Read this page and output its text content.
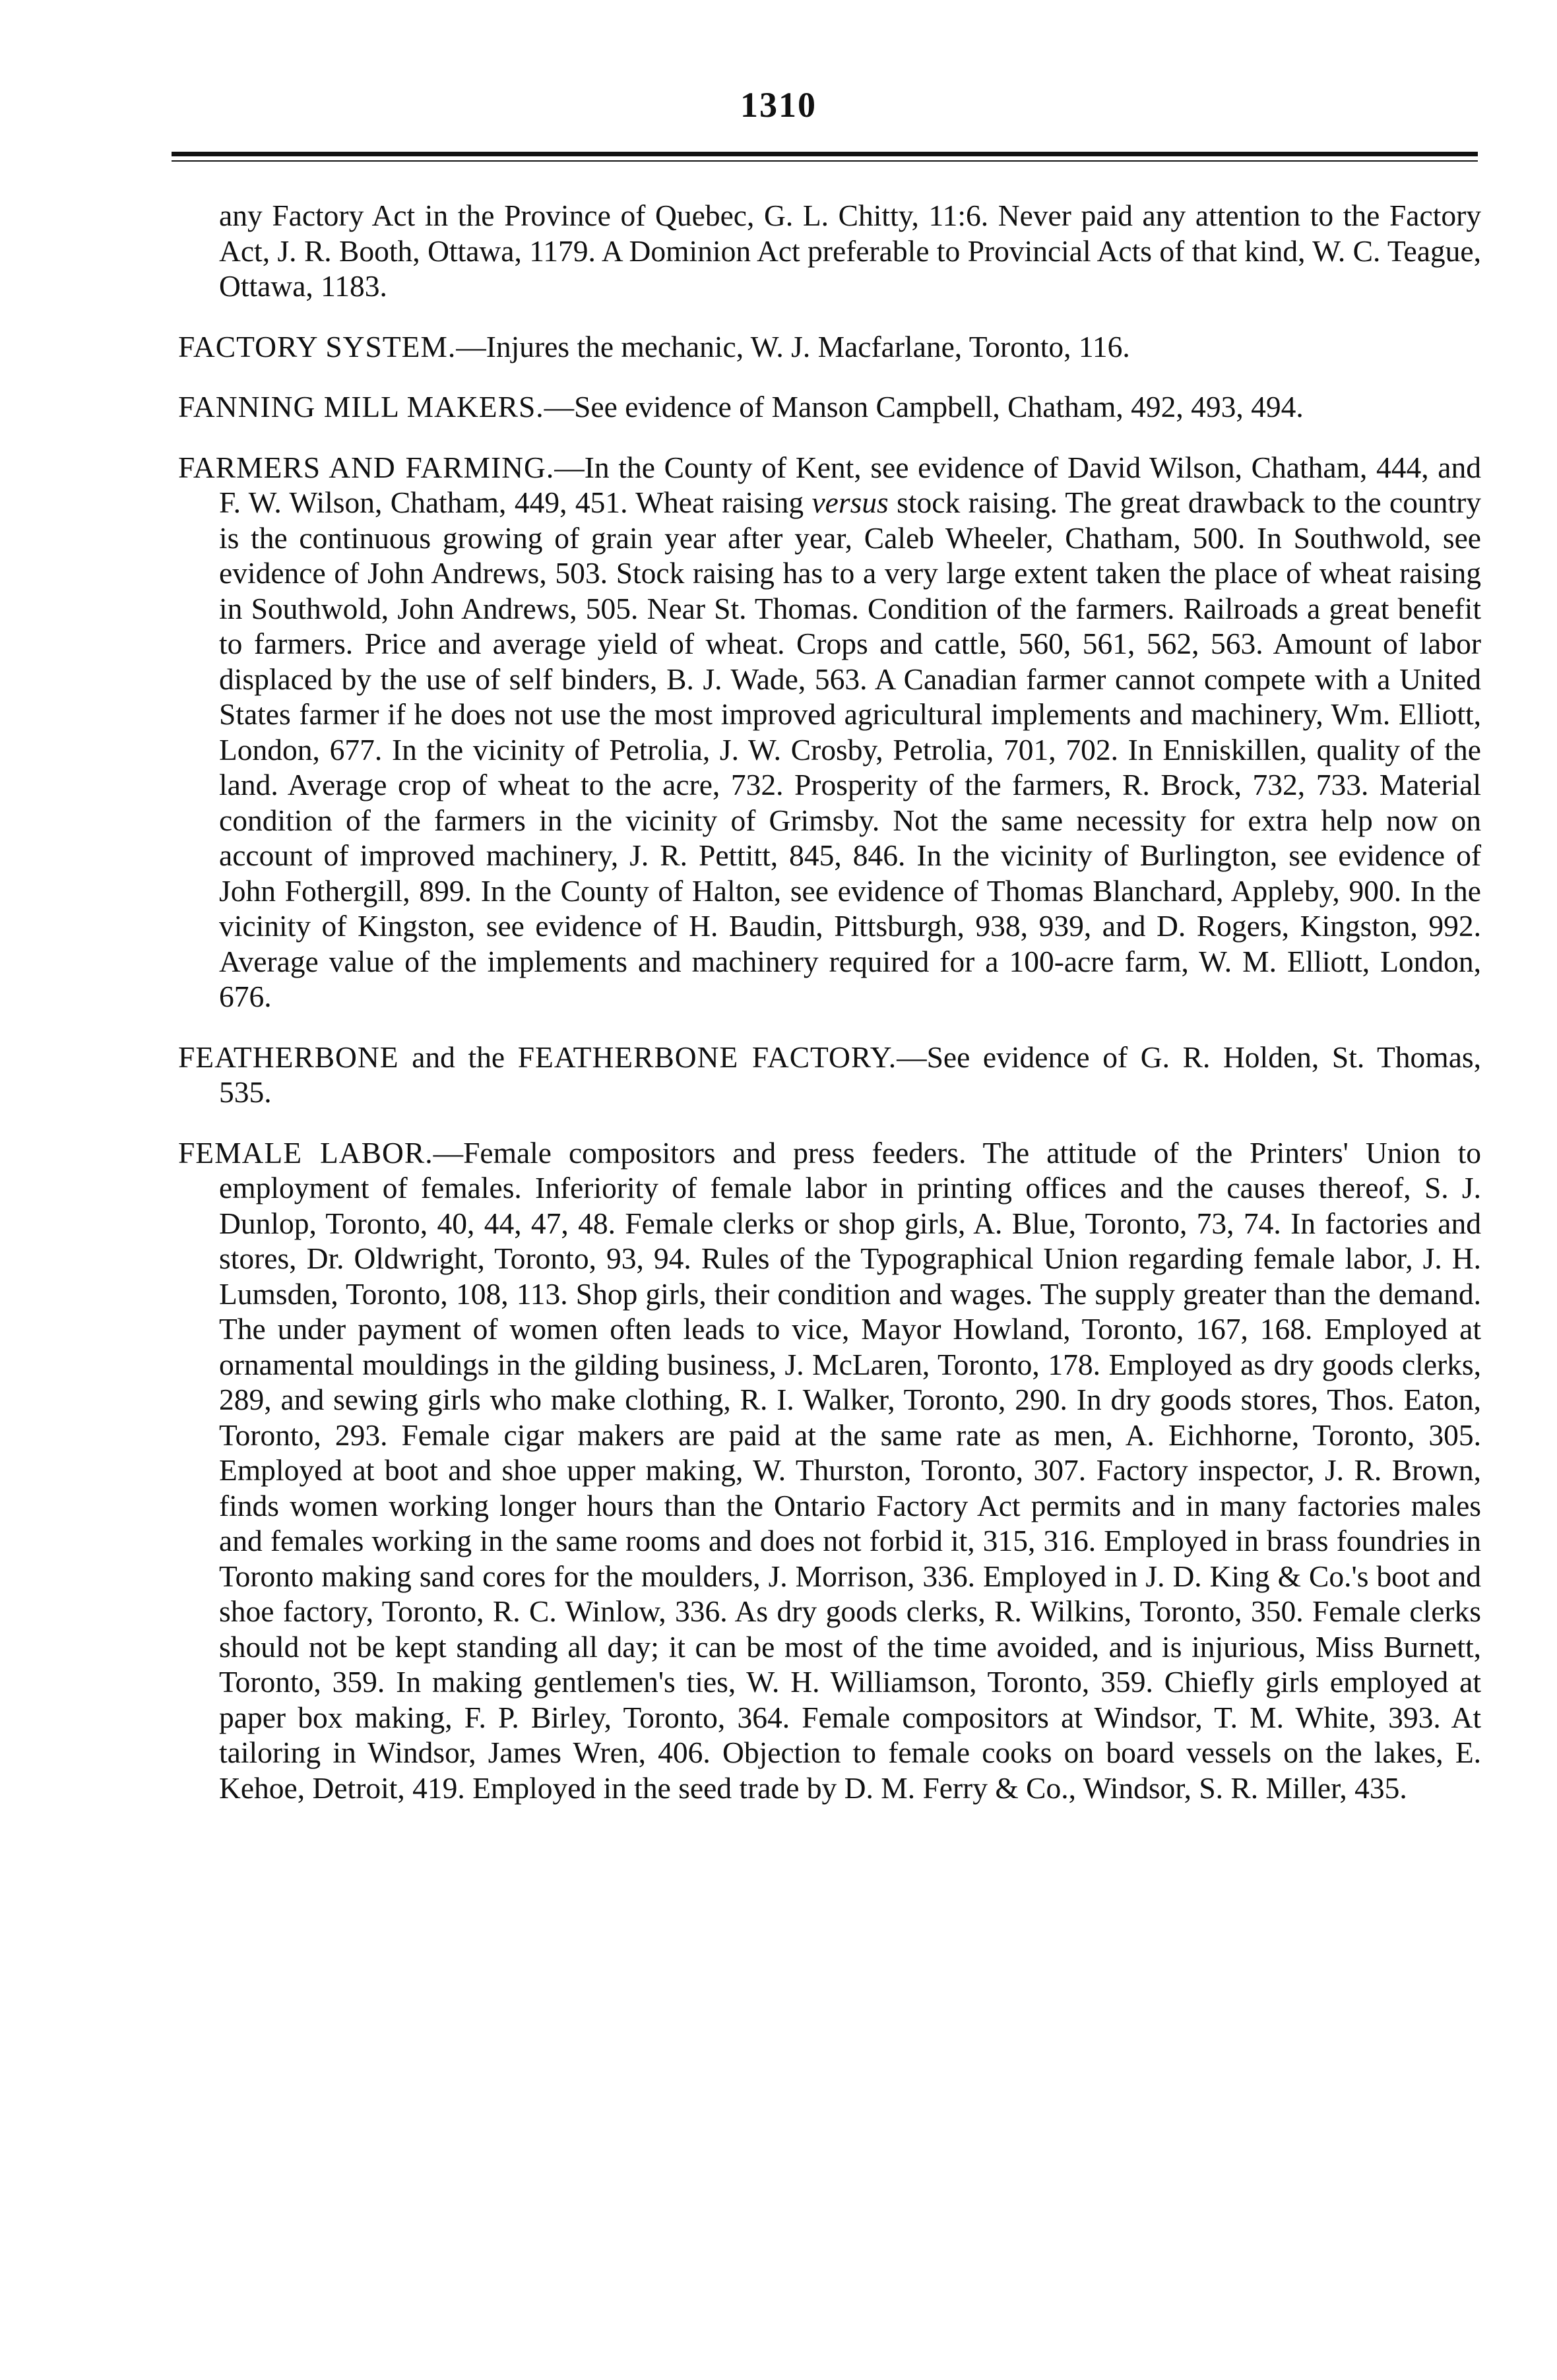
1310

any Factory Act in the Province of Quebec, G. L. Chitty, 11:6. Never paid any attention to the Factory Act, J. R. Booth, Ottawa, 1179. A Dominion Act preferable to Provincial Acts of that kind, W. C. Teague, Ottawa, 1183.

FACTORY SYSTEM.—Injures the mechanic, W. J. Macfarlane, Toronto, 116.

FANNING MILL MAKERS.—See evidence of Manson Campbell, Chatham, 492, 493, 494.

FARMERS AND FARMING.—In the County of Kent, see evidence of David Wilson, Chatham, 444, and F. W. Wilson, Chatham, 449, 451. Wheat raising versus stock raising. The great drawback to the country is the continuous growing of grain year after year, Caleb Wheeler, Chatham, 500. In Southwold, see evidence of John Andrews, 503. Stock raising has to a very large extent taken the place of wheat raising in Southwold, John Andrews, 505. Near St. Thomas. Condition of the farmers. Railroads a great benefit to farmers. Price and average yield of wheat. Crops and cattle, 560, 561, 562, 563. Amount of labor displaced by the use of self binders, B. J. Wade, 563. A Canadian farmer cannot compete with a United States farmer if he does not use the most improved agricultural implements and machinery, Wm. Elliott, London, 677. In the vicinity of Petrolia, J. W. Crosby, Petrolia, 701, 702. In Enniskillen, quality of the land. Average crop of wheat to the acre, 732. Prosperity of the farmers, R. Brock, 732, 733. Material condition of the farmers in the vicinity of Grimsby. Not the same necessity for extra help now on account of improved machinery, J. R. Pettitt, 845, 846. In the vicinity of Burlington, see evidence of John Fothergill, 899. In the County of Halton, see evidence of Thomas Blanchard, Appleby, 900. In the vicinity of Kingston, see evidence of H. Baudin, Pittsburgh, 938, 939, and D. Rogers, Kingston, 992. Average value of the implements and machinery required for a 100-acre farm, W. M. Elliott, London, 676.

FEATHERBONE and the FEATHERBONE FACTORY.—See evidence of G. R. Holden, St. Thomas, 535.

FEMALE LABOR.—Female compositors and press feeders. The attitude of the Printers' Union to employment of females. Inferiority of female labor in printing offices and the causes thereof, S. J. Dunlop, Toronto, 40, 44, 47, 48. Female clerks or shop girls, A. Blue, Toronto, 73, 74. In factories and stores, Dr. Oldwright, Toronto, 93, 94. Rules of the Typographical Union regarding female labor, J. H. Lumsden, Toronto, 108, 113. Shop girls, their condition and wages. The supply greater than the demand. The under payment of women often leads to vice, Mayor Howland, Toronto, 167, 168. Employed at ornamental mouldings in the gilding business, J. McLaren, Toronto, 178. Employed as dry goods clerks, 289, and sewing girls who make clothing, R. I. Walker, Toronto, 290. In dry goods stores, Thos. Eaton, Toronto, 293. Female cigar makers are paid at the same rate as men, A. Eichhorne, Toronto, 305. Employed at boot and shoe upper making, W. Thurston, Toronto, 307. Factory inspector, J. R. Brown, finds women working longer hours than the Ontario Factory Act permits and in many factories males and females working in the same rooms and does not forbid it, 315, 316. Employed in brass foundries in Toronto making sand cores for the moulders, J. Morrison, 336. Employed in J. D. King & Co.'s boot and shoe factory, Toronto, R. C. Winlow, 336. As dry goods clerks, R. Wilkins, Toronto, 350. Female clerks should not be kept standing all day; it can be most of the time avoided, and is injurious, Miss Burnett, Toronto, 359. In making gentlemen's ties, W. H. Williamson, Toronto, 359. Chiefly girls employed at paper box making, F. P. Birley, Toronto, 364. Female compositors at Windsor, T. M. White, 393. At tailoring in Windsor, James Wren, 406. Objection to female cooks on board vessels on the lakes, E. Kehoe, Detroit, 419. Employed in the seed trade by D. M. Ferry & Co., Windsor, S. R. Miller, 435.
